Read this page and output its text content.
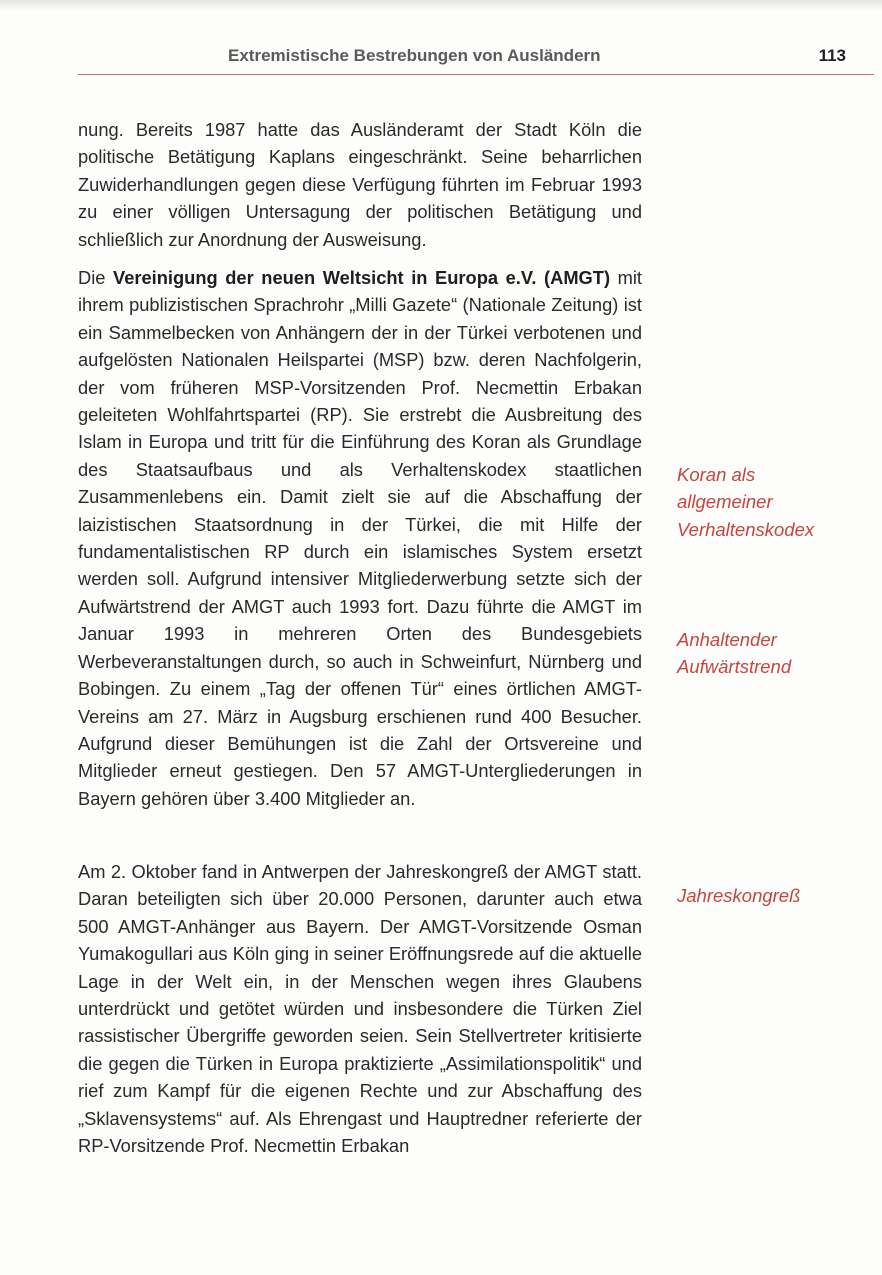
Extremistische Bestrebungen von Ausländern	113

nung. Bereits 1987 hatte das Ausländeramt der Stadt Köln die politische Betätigung Kaplans eingeschränkt. Seine beharrlichen Zuwiderhandlungen gegen diese Verfügung führten im Februar 1993 zu einer völligen Untersagung der politischen Betätigung und schließlich zur Anordnung der Ausweisung.

Die Vereinigung der neuen Weltsicht in Europa e.V. (AMGT) mit ihrem publizistischen Sprachrohr „Milli Gazete“ (Nationale Zeitung) ist ein Sammelbecken von Anhängern der in der Türkei verbotenen und aufgelösten Nationalen Heilspartei (MSP) bzw. deren Nachfolgerin, der vom früheren MSP-Vorsitzenden Prof. Necmettin Erbakan geleiteten Wohlfahrtspartei (RP). Sie erstrebt die Ausbreitung des Islam in Europa und tritt für die Einführung des Koran als Grundlage des Staatsaufbaus und als Verhaltenskodex staatlichen Zusammenlebens ein. Damit zielt sie auf die Abschaffung der laizistischen Staatsordnung in der Türkei, die mit Hilfe der fundamentalistischen RP durch ein islamisches System ersetzt werden soll. Aufgrund intensiver Mitgliederwerbung setzte sich der Aufwärtstrend der AMGT auch 1993 fort. Dazu führte die AMGT im Januar 1993 in mehreren Orten des Bundesgebiets Werbeveranstaltungen durch, so auch in Schweinfurt, Nürnberg und Bobingen. Zu einem „Tag der offenen Tür“ eines örtlichen AMGT-Vereins am 27. März in Augsburg erschienen rund 400 Besucher. Aufgrund dieser Bemühungen ist die Zahl der Ortsvereine und Mitglieder erneut gestiegen. Den 57 AMGT-Untergliederungen in Bayern gehören über 3.400 Mitglieder an.

Am 2. Oktober fand in Antwerpen der Jahreskongreß der AMGT statt. Daran beteiligten sich über 20.000 Personen, darunter auch etwa 500 AMGT-Anhänger aus Bayern. Der AMGT-Vorsitzende Osman Yumakogullari aus Köln ging in seiner Eröffnungsrede auf die aktuelle Lage in der Welt ein, in der Menschen wegen ihres Glaubens unterdrückt und getötet würden und insbesondere die Türken Ziel rassistischer Übergriffe geworden seien. Sein Stellvertreter kritisierte die gegen die Türken in Europa praktizierte „Assimilationspolitik“ und rief zum Kampf für die eigenen Rechte und zur Abschaffung des „Sklavensystems“ auf. Als Ehrengast und Hauptredner referierte der RP-Vorsitzende Prof. Necmettin Erbakan

Koran als
allgemeiner
Verhaltenskodex
Anhaltender
Aufwärtstrend
Jahreskongreß
